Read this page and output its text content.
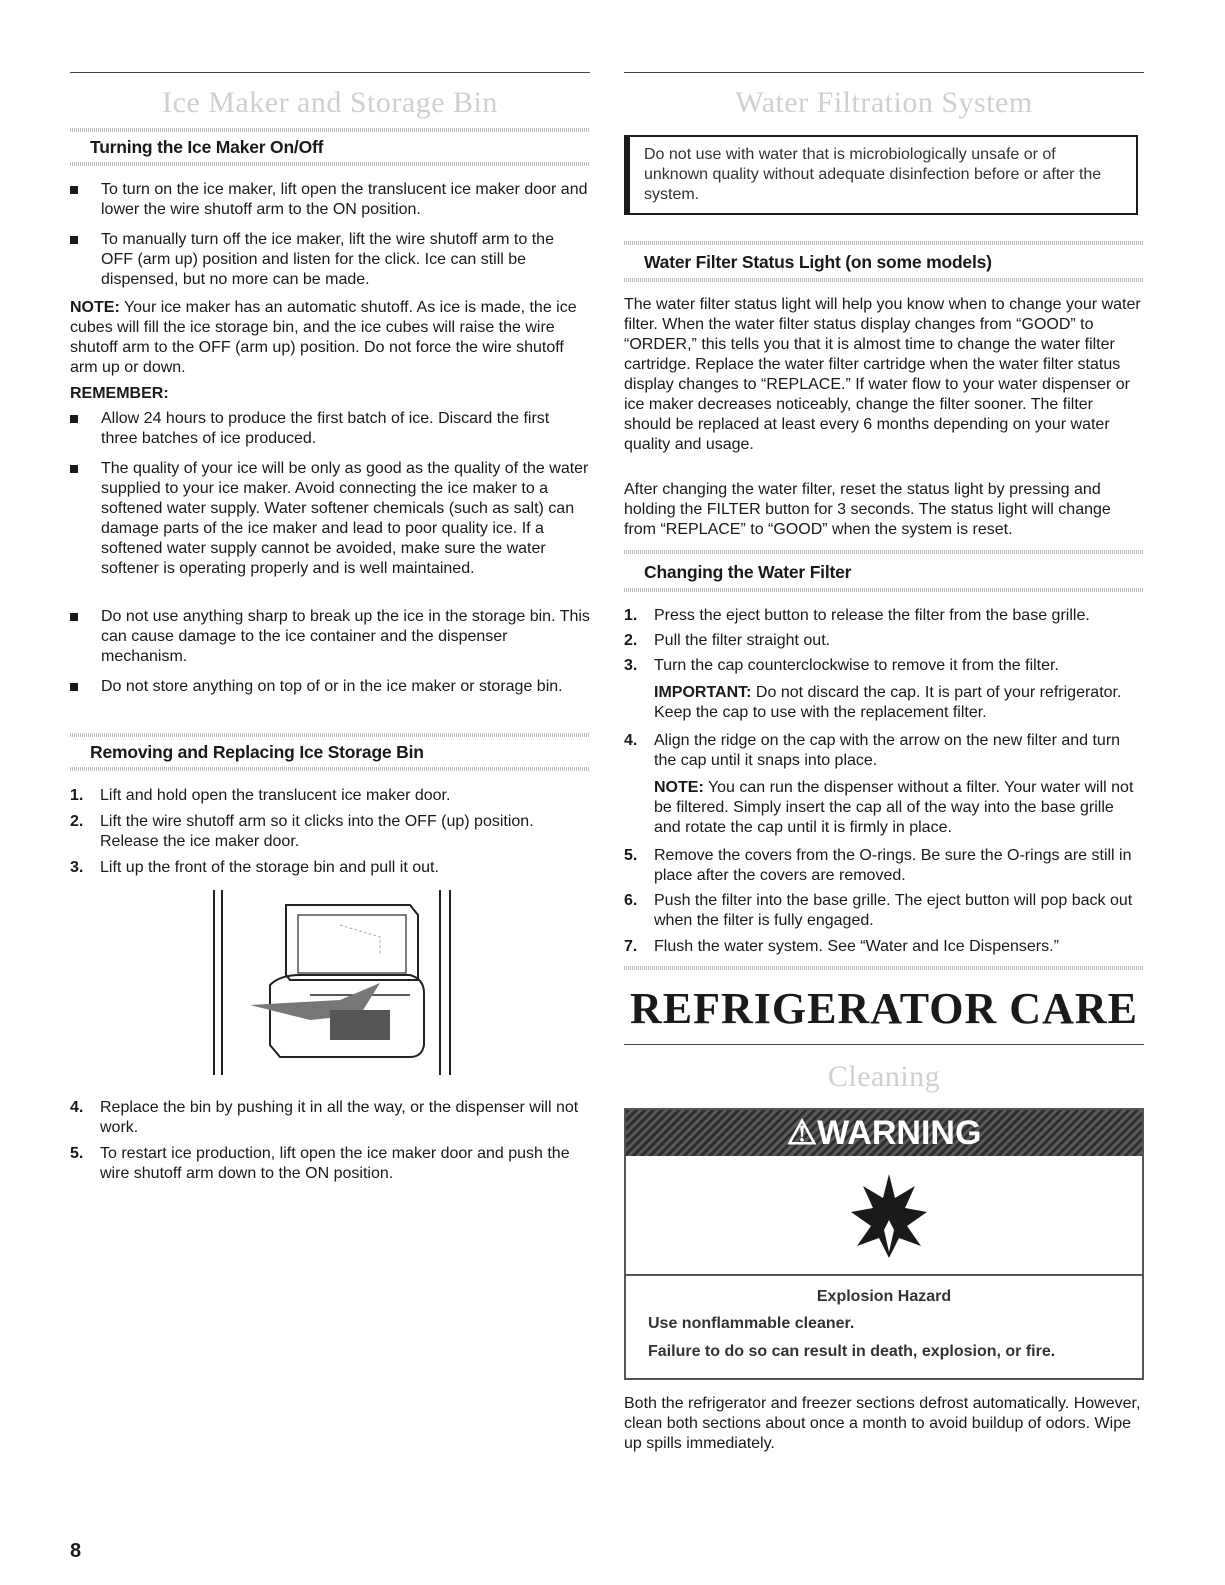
Ice Maker and Storage Bin
Turning the Ice Maker On/Off
To turn on the ice maker, lift open the translucent ice maker door and lower the wire shutoff arm to the ON position.
To manually turn off the ice maker, lift the wire shutoff arm to the OFF (arm up) position and listen for the click. Ice can still be dispensed, but no more can be made.
NOTE: Your ice maker has an automatic shutoff. As ice is made, the ice cubes will fill the ice storage bin, and the ice cubes will raise the wire shutoff arm to the OFF (arm up) position. Do not force the wire shutoff arm up or down.
REMEMBER:
Allow 24 hours to produce the first batch of ice. Discard the first three batches of ice produced.
The quality of your ice will be only as good as the quality of the water supplied to your ice maker. Avoid connecting the ice maker to a softened water supply. Water softener chemicals (such as salt) can damage parts of the ice maker and lead to poor quality ice. If a softened water supply cannot be avoided, make sure the water softener is operating properly and is well maintained.
Do not use anything sharp to break up the ice in the storage bin. This can cause damage to the ice container and the dispenser mechanism.
Do not store anything on top of or in the ice maker or storage bin.
Removing and Replacing Ice Storage Bin
1. Lift and hold open the translucent ice maker door.
2. Lift the wire shutoff arm so it clicks into the OFF (up) position. Release the ice maker door.
3. Lift up the front of the storage bin and pull it out.
4. Replace the bin by pushing it in all the way, or the dispenser will not work.
5. To restart ice production, lift open the ice maker door and push the wire shutoff arm down to the ON position.
Water Filtration System
Do not use with water that is microbiologically unsafe or of unknown quality without adequate disinfection before or after the system.
Water Filter Status Light (on some models)
The water filter status light will help you know when to change your water filter. When the water filter status display changes from “GOOD” to “ORDER,” this tells you that it is almost time to change the water filter cartridge. Replace the water filter cartridge when the water filter status display changes to “REPLACE.” If water flow to your water dispenser or ice maker decreases noticeably, change the filter sooner. The filter should be replaced at least every 6 months depending on your water quality and usage.
After changing the water filter, reset the status light by pressing and holding the FILTER button for 3 seconds. The status light will change from “REPLACE” to “GOOD” when the system is reset.
Changing the Water Filter
1. Press the eject button to release the filter from the base grille.
2. Pull the filter straight out.
3. Turn the cap counterclockwise to remove it from the filter.
IMPORTANT: Do not discard the cap. It is part of your refrigerator. Keep the cap to use with the replacement filter.
4. Align the ridge on the cap with the arrow on the new filter and turn the cap until it snaps into place.
NOTE: You can run the dispenser without a filter. Your water will not be filtered. Simply insert the cap all of the way into the base grille and rotate the cap until it is firmly in place.
5. Remove the covers from the O-rings. Be sure the O-rings are still in place after the covers are removed.
6. Push the filter into the base grille. The eject button will pop back out when the filter is fully engaged.
7. Flush the water system. See “Water and Ice Dispensers.”
REFRIGERATOR CARE
Cleaning
⚠WARNING
Explosion Hazard
Use nonflammable cleaner.
Failure to do so can result in death, explosion, or fire.
Both the refrigerator and freezer sections defrost automatically. However, clean both sections about once a month to avoid buildup of odors. Wipe up spills immediately.
8
